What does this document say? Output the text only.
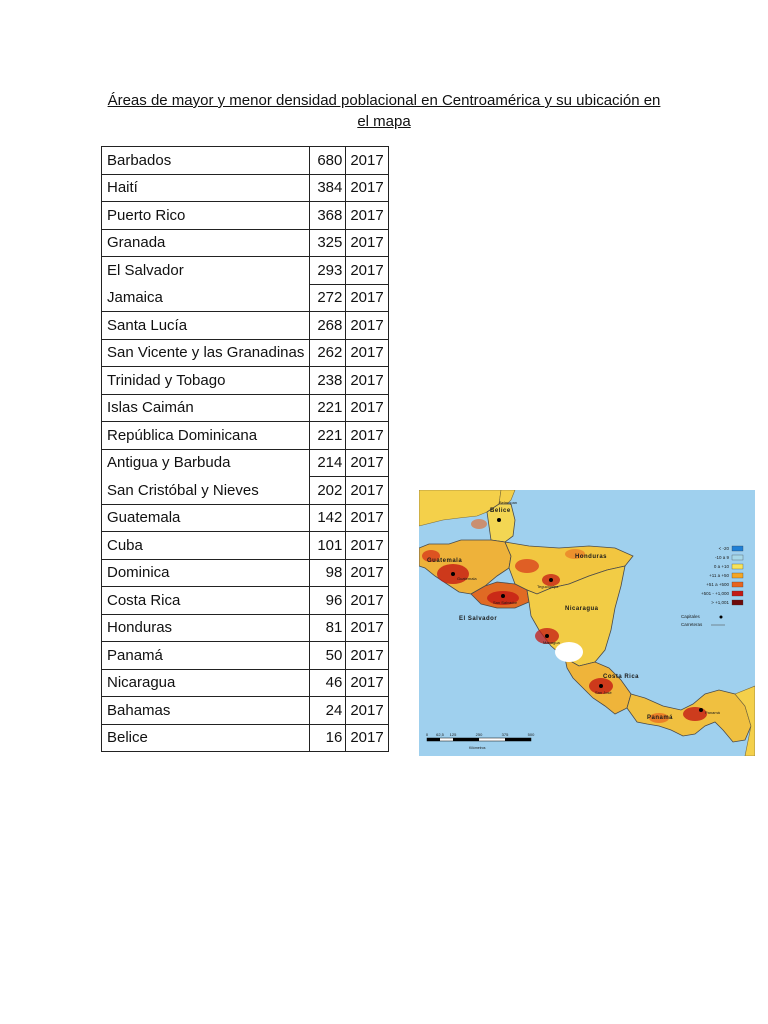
Áreas de mayor y menor densidad poblacional en Centroamérica y su ubicación en el mapa
Barbados	680	2017
Haití	384	2017
Puerto Rico	368	2017
Granada	325	2017
El Salvador	293	2017
Jamaica	272	2017
Santa Lucía	268	2017
San Vicente y las Granadinas	262	2017
Trinidad y Tobago	238	2017
Islas Caimán	221	2017
República Dominicana	221	2017
Antigua y Barbuda	214	2017
San Cristóbal y Nieves	202	2017
Guatemala	142	2017
Cuba	101	2017
Dominica	98	2017
Costa Rica	96	2017
Honduras	81	2017
Panamá	50	2017
Nicaragua	46	2017
Bahamas	24	2017
Belice	16	2017
Guatemala
Belice
Honduras
El Salvador
Nicaragua
Costa Rica
Panamá
Belmopan
Guatemala
Tegucigalpa
San Salvador
Managua
San José
Panamá
< -20
-10 a 9
0 a +10
+11 a +50
+51 a +500
+501 - +1,000
> +1,001
Capitales
Carreteras
0 62,5 125	250	375	500
Kilómetros
